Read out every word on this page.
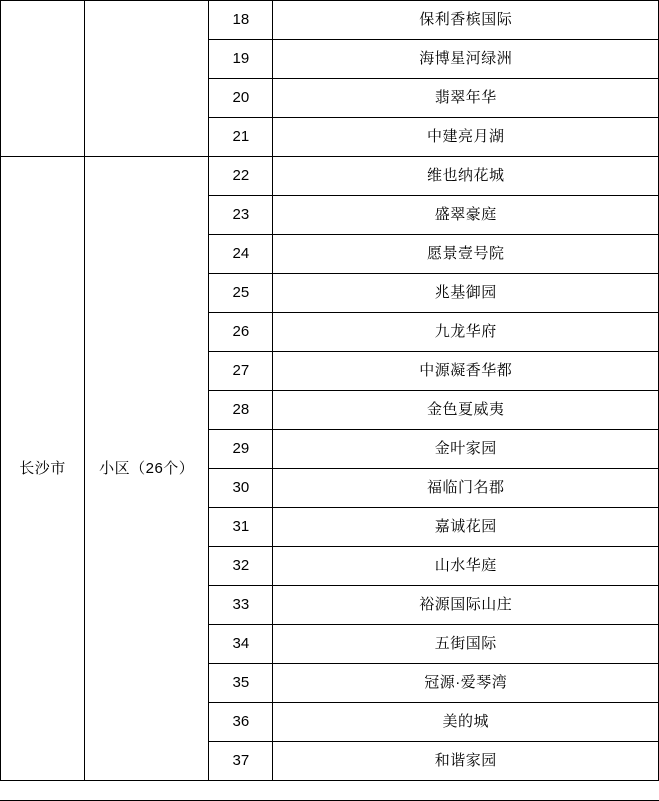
		18	保利香槟国际
		19	海博星河绿洲
		20	翡翠年华
		21	中建亮月湖
长沙市	小区（26个）	22	维也纳花城
		23	盛翠豪庭
		24	愿景壹号院
		25	兆基御园
		26	九龙华府
		27	中源凝香华都
		28	金色夏威夷
		29	金叶家园
		30	福临门名郡
		31	嘉诚花园
		32	山水华庭
		33	裕源国际山庄
		34	五街国际
		35	冠源·爱琴湾
		36	美的城
		37	和谐家园
